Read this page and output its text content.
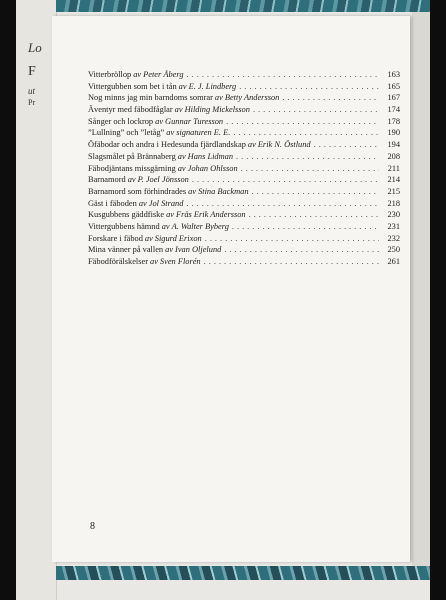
Lo
F
ut
Pr
Vitterbröllop av Peter Åberg .....	163
Vittergubben som bet i tån av E. J. Lindberg .....	165
Nog minns jag min barndoms somrar av Betty Andersson .....	167
Äventyr med fäbodfåglar av Hilding Mickelsson .....	174
Sånger och lockrop av Gunnar Turesson .....	178
”Lullning” och ”letåg” av signaturen E. E. .....	190
Öfäbodar och andra i Hedesunda fjärdlandskap av Erik N. Östlund .....	194
Slagsmålet på Brännaberg av Hans Lidman .....	208
Fäbodjäntans missgärning av Johan Ohlsson .....	211
Barnamord av P. Joel Jönsson .....	214
Barnamord som förhindrades av Stina Backman .....	215
Gäst i fäboden av Jol Strand .....	218
Kusgubbens gäddfiske av Fräs Erik Andersson .....	230
Vittergubbens hämnd av A. Walter Byberg .....	231
Forskare i fäbod av Sigurd Erixon .....	232
Mina vänner på vallen av Ivan Oljelund .....	250
Fäbodförälskelser av Sven Florén .....	261
8
